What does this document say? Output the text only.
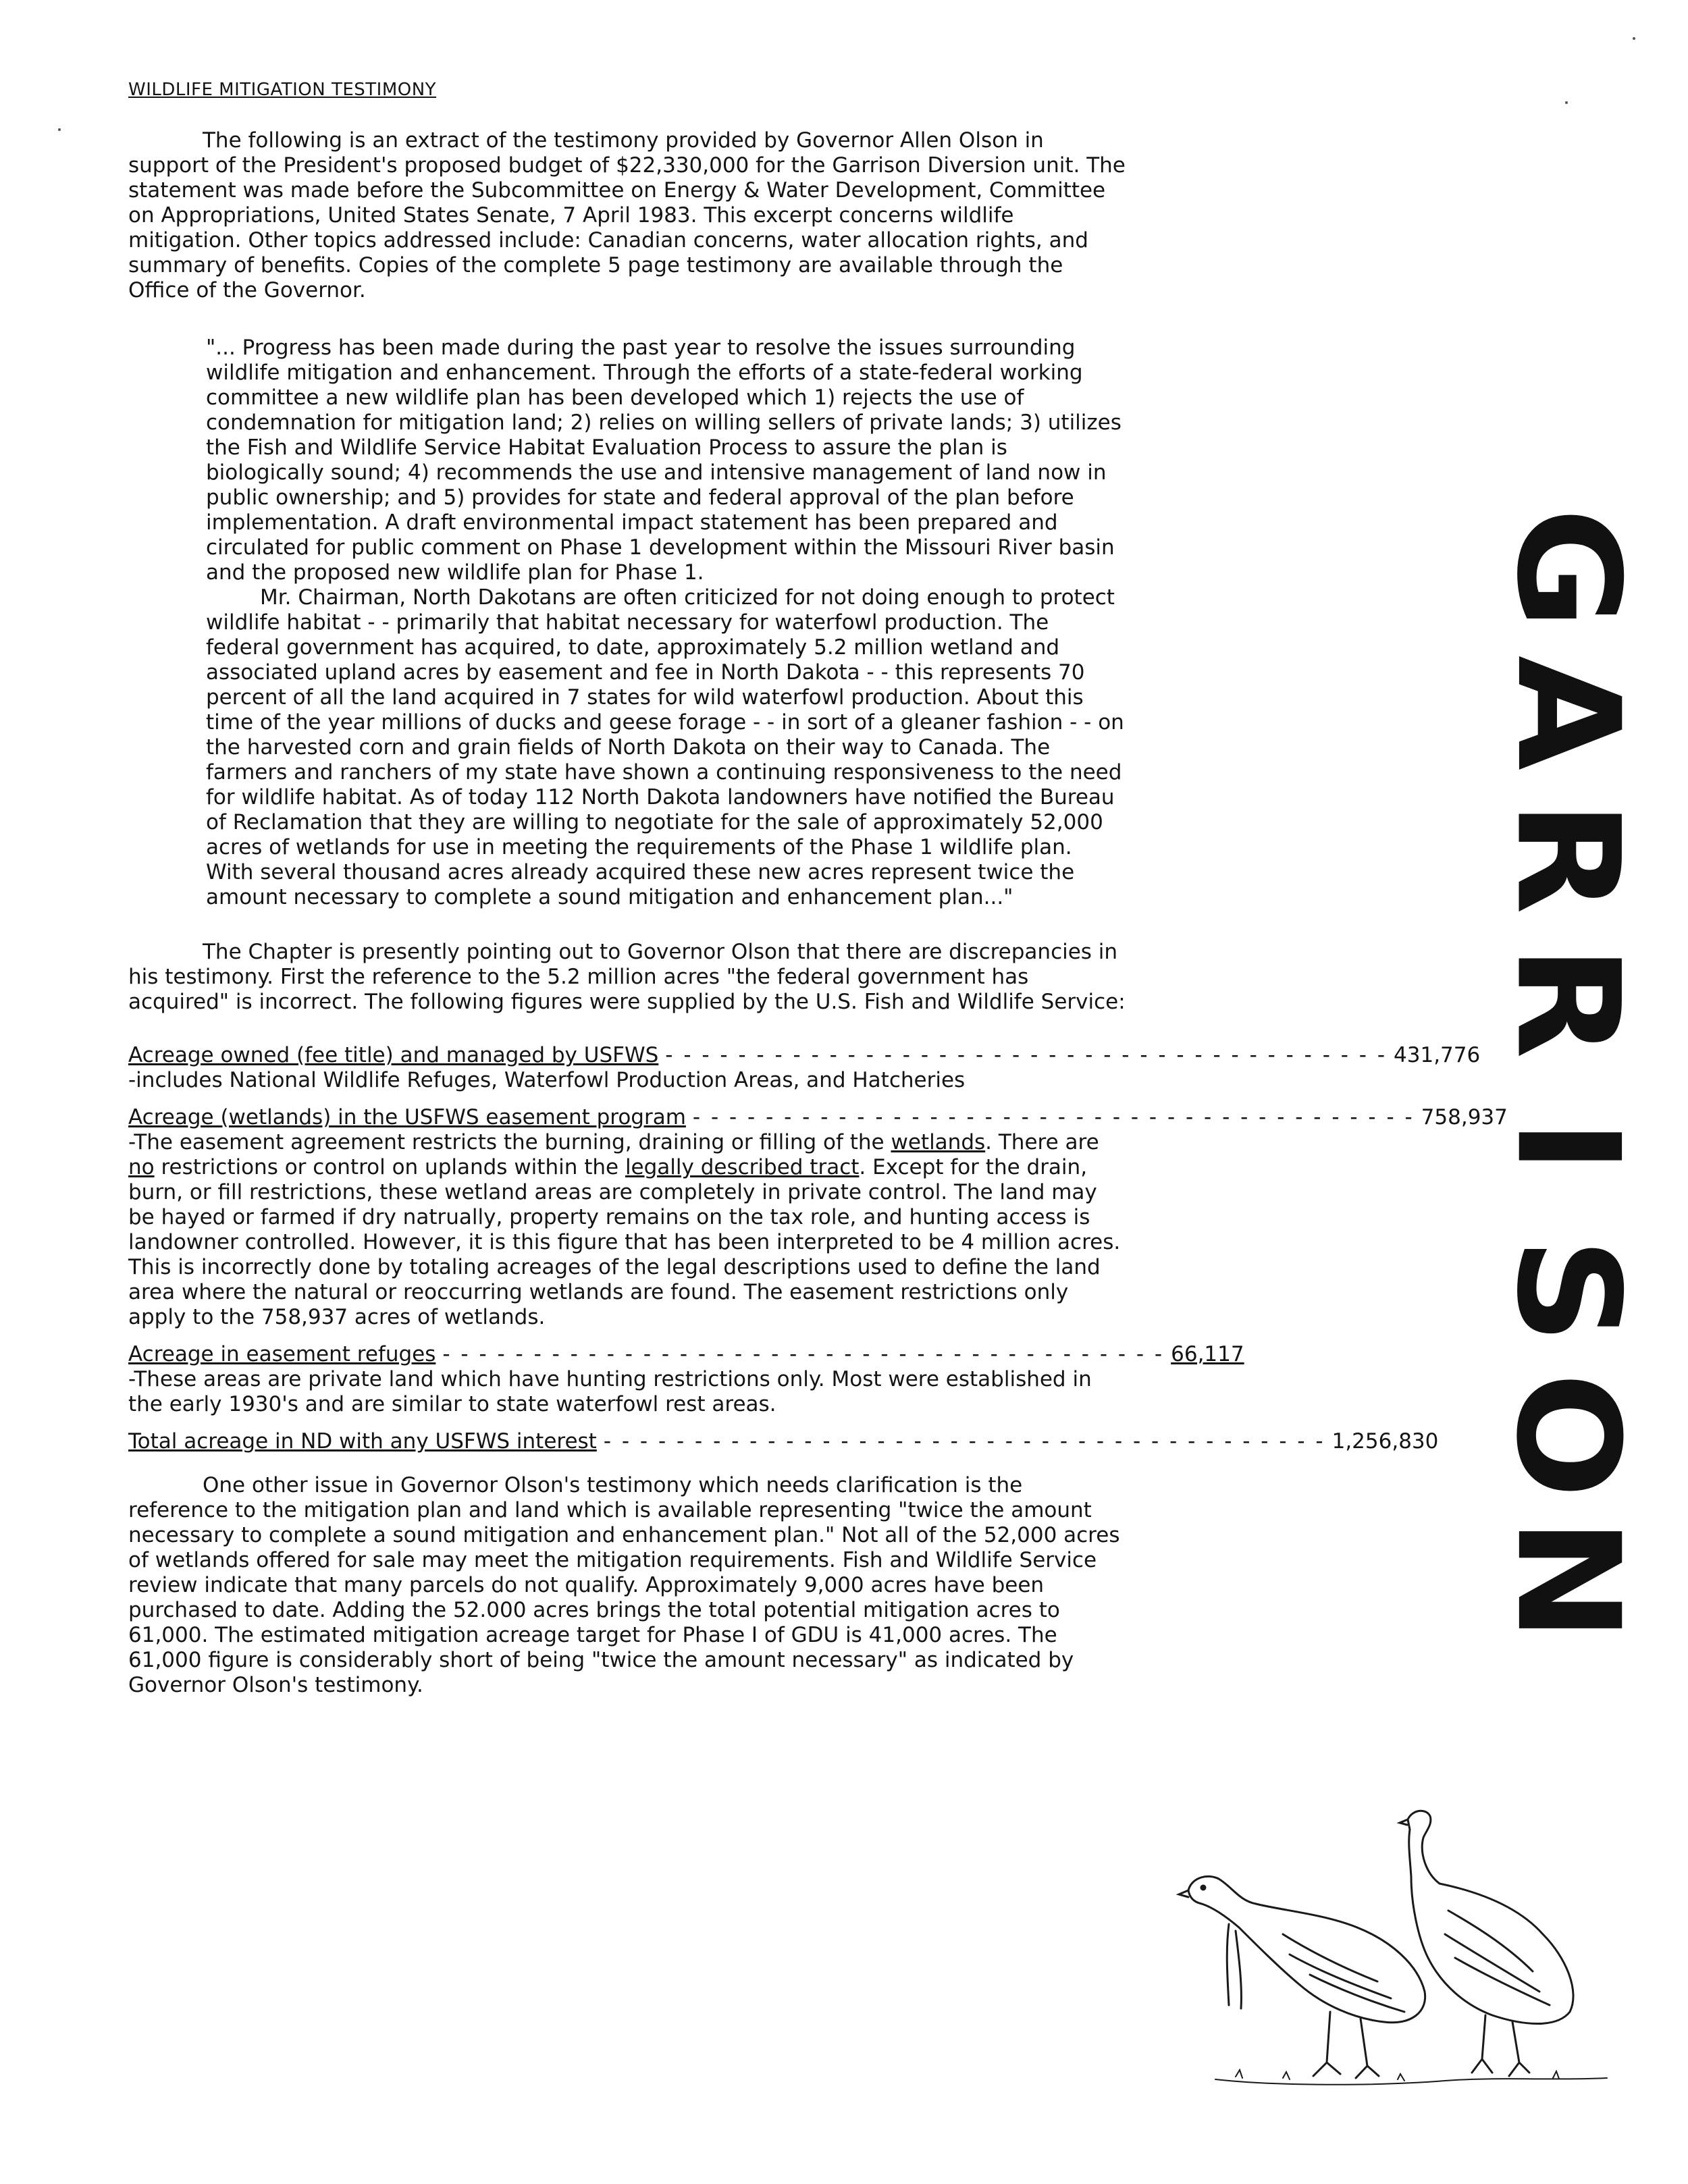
WILDLIFE MITIGATION TESTIMONY

The following is an extract of the testimony provided by Governor Allen Olson in support of the President's proposed budget of $22,330,000 for the Garrison Diversion unit. The statement was made before the Subcommittee on Energy & Water Development, Committee on Appropriations, United States Senate, 7 April 1983. This excerpt concerns wildlife mitigation. Other topics addressed include: Canadian concerns, water allocation rights, and summary of benefits. Copies of the complete 5 page testimony are available through the Office of the Governor.

"... Progress has been made during the past year to resolve the issues surrounding wildlife mitigation and enhancement. Through the efforts of a state-federal working committee a new wildlife plan has been developed which 1) rejects the use of condemnation for mitigation land; 2) relies on willing sellers of private lands; 3) utilizes the Fish and Wildlife Service Habitat Evaluation Process to assure the plan is biologically sound; 4) recommends the use and intensive management of land now in public ownership; and 5) provides for state and federal approval of the plan before implementation. A draft environmental impact statement has been prepared and circulated for public comment on Phase 1 development within the Missouri River basin and the proposed new wildlife plan for Phase 1.

Mr. Chairman, North Dakotans are often criticized for not doing enough to protect wildlife habitat - - primarily that habitat necessary for waterfowl production. The federal government has acquired, to date, approximately 5.2 million wetland and associated upland acres by easement and fee in North Dakota - - this represents 70 percent of all the land acquired in 7 states for wild waterfowl production. About this time of the year millions of ducks and geese forage - - in sort of a gleaner fashion - - on the harvested corn and grain fields of North Dakota on their way to Canada. The farmers and ranchers of my state have shown a continuing responsiveness to the need for wildlife habitat. As of today 112 North Dakota landowners have notified the Bureau of Reclamation that they are willing to negotiate for the sale of approximately 52,000 acres of wetlands for use in meeting the requirements of the Phase 1 wildlife plan. With several thousand acres already acquired these new acres represent twice the amount necessary to complete a sound mitigation and enhancement plan..."

The Chapter is presently pointing out to Governor Olson that there are discrepancies in his testimony. First the reference to the 5.2 million acres "the federal government has acquired" is incorrect. The following figures were supplied by the U.S. Fish and Wildlife Service:

Acreage owned (fee title) and managed by USFWS - - - - - - - - - - - - - - - - - - - - - - - - - - - - - - - - - - - - - - - - 431,776
-includes National Wildlife Refuges, Waterfowl Production Areas, and Hatcheries
Acreage (wetlands) in the USFWS easement program - - - - - - - - - - - - - - - - - - - - - - - - - - - - - - - - - - - - - - - - 758,937
-The easement agreement restricts the burning, draining or filling of the wetlands. There are no restrictions or control on uplands within the legally described tract. Except for the drain, burn, or fill restrictions, these wetland areas are completely in private control. The land may be hayed or farmed if dry natrually, property remains on the tax role, and hunting access is landowner controlled. However, it is this figure that has been interpreted to be 4 million acres. This is incorrectly done by totaling acreages of the legal descriptions used to define the land area where the natural or reoccurring wetlands are found. The easement restrictions only apply to the 758,937 acres of wetlands.
Acreage in easement refuges - - - - - - - - - - - - - - - - - - - - - - - - - - - - - - - - - - - - - - - - 66,117
-These areas are private land which have hunting restrictions only. Most were established in the early 1930's and are similar to state waterfowl rest areas.
Total acreage in ND with any USFWS interest - - - - - - - - - - - - - - - - - - - - - - - - - - - - - - - - - - - - - - - - 1,256,830

One other issue in Governor Olson's testimony which needs clarification is the reference to the mitigation plan and land which is available representing "twice the amount necessary to complete a sound mitigation and enhancement plan." Not all of the 52,000 acres of wetlands offered for sale may meet the mitigation requirements. Fish and Wildlife Service review indicate that many parcels do not qualify. Approximately 9,000 acres have been purchased to date. Adding the 52.000 acres brings the total potential mitigation acres to 61,000. The estimated mitigation acreage target for Phase I of GDU is 41,000 acres. The 61,000 figure is considerably short of being "twice the amount necessary" as indicated by Governor Olson's testimony.

G
A
R
R
I
S
O
N
